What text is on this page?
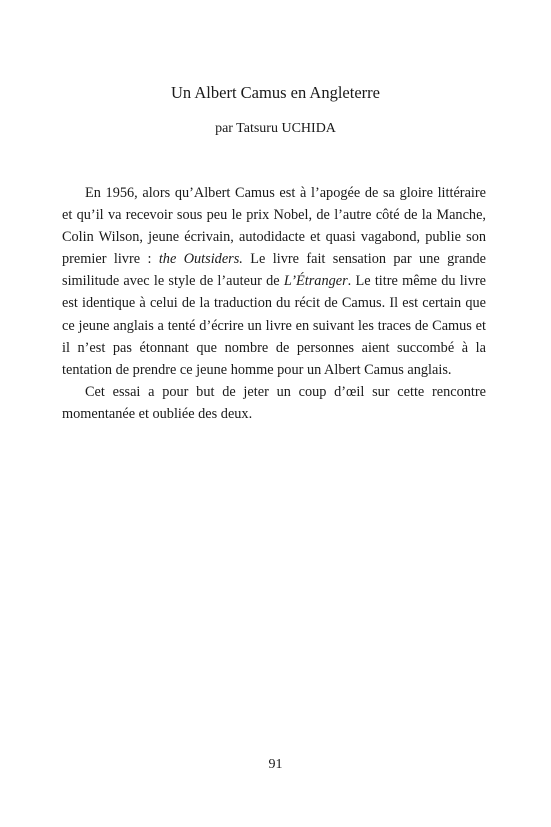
Un Albert Camus en Angleterre
par Tatsuru UCHIDA

En 1956, alors qu’Albert Camus est à l’apogée de sa gloire littéraire et qu’il va recevoir sous peu le prix Nobel, de l’autre côté de la Manche, Colin Wilson, jeune écrivain, autodidacte et quasi vagabond, publie son premier livre : the Outsiders. Le livre fait sensation par une grande similitude avec le style de l’auteur de L’Étranger. Le titre même du livre est identique à celui de la traduction du récit de Camus. Il est certain que ce jeune anglais a tenté d’écrire un livre en suivant les traces de Camus et il n’est pas étonnant que nombre de personnes aient succombé à la tentation de prendre ce jeune homme pour un Albert Camus anglais.

Cet essai a pour but de jeter un coup d’œil sur cette rencontre momentanée et oubliée des deux.

91
